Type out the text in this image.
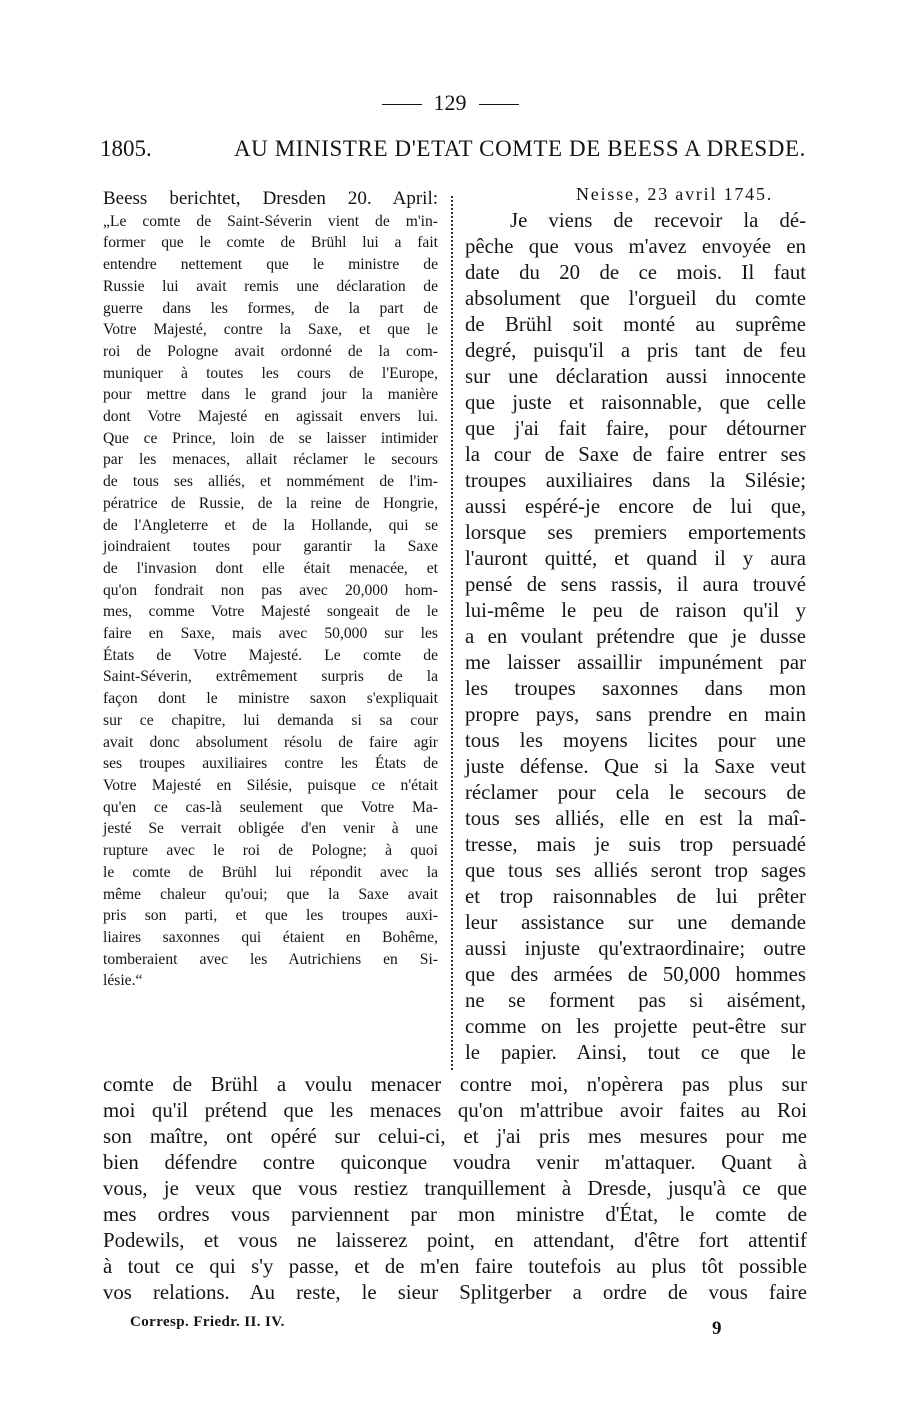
129
1805.	AU MINISTRE D'ETAT COMTE DE BEESS A DRESDE.
Beess berichtet, Dresden 20. April:
„Le comte de Saint-Séverin vient de m'in-
former que le comte de Brühl lui a fait
entendre nettement que le ministre de
Russie lui avait remis une déclaration de
guerre dans les formes, de la part de
Votre Majesté, contre la Saxe, et que le
roi de Pologne avait ordonné de la com-
muniquer à toutes les cours de l'Europe,
pour mettre dans le grand jour la manière
dont Votre Majesté en agissait envers lui.
Que ce Prince, loin de se laisser intimider
par les menaces, allait réclamer le secours
de tous ses alliés, et nommément de l'im-
pératrice de Russie, de la reine de Hongrie,
de l'Angleterre et de la Hollande, qui se
joindraient toutes pour garantir la Saxe
de l'invasion dont elle était menacée, et
qu'on fondrait non pas avec 20,000 hom-
mes, comme Votre Majesté songeait de le
faire en Saxe, mais avec 50,000 sur les
États de Votre Majesté. Le comte de
Saint-Séverin, extrêmement surpris de la
façon dont le ministre saxon s'expliquait
sur ce chapitre, lui demanda si sa cour
avait donc absolument résolu de faire agir
ses troupes auxiliaires contre les États de
Votre Majesté en Silésie, puisque ce n'était
qu'en ce cas-là seulement que Votre Ma-
jesté Se verrait obligée d'en venir à une
rupture avec le roi de Pologne; à quoi
le comte de Brühl lui répondit avec la
même chaleur qu'oui; que la Saxe avait
pris son parti, et que les troupes auxi-
liaires saxonnes qui étaient en Bohême,
tomberaient avec les Autrichiens en Si-
lésie.“
Neisse, 23 avril 1745.
Je viens de recevoir la dé-
pêche que vous m'avez envoyée en
date du 20 de ce mois. Il faut
absolument que l'orgueil du comte
de Brühl soit monté au suprême
degré, puisqu'il a pris tant de feu
sur une déclaration aussi innocente
que juste et raisonnable, que celle
que j'ai fait faire, pour détourner
la cour de Saxe de faire entrer ses
troupes auxiliaires dans la Silésie;
aussi espéré-je encore de lui que,
lorsque ses premiers emportements
l'auront quitté, et quand il y aura
pensé de sens rassis, il aura trouvé
lui-même le peu de raison qu'il y
a en voulant prétendre que je dusse
me laisser assaillir impunément par
les troupes saxonnes dans mon
propre pays, sans prendre en main
tous les moyens licites pour une
juste défense. Que si la Saxe veut
réclamer pour cela le secours de
tous ses alliés, elle en est la maî-
tresse, mais je suis trop persuadé
que tous ses alliés seront trop sages
et trop raisonnables de lui prêter
leur assistance sur une demande
aussi injuste qu'extraordinaire; outre
que des armées de 50,000 hommes
ne se forment pas si aisément,
comme on les projette peut-être sur
le papier. Ainsi, tout ce que le
comte de Brühl a voulu menacer contre moi, n'opèrera pas plus sur
moi qu'il prétend que les menaces qu'on m'attribue avoir faites au Roi
son maître, ont opéré sur celui-ci, et j'ai pris mes mesures pour me
bien défendre contre quiconque voudra venir m'attaquer. Quant à
vous, je veux que vous restiez tranquillement à Dresde, jusqu'à ce que
mes ordres vous parviennent par mon ministre d'État, le comte de
Podewils, et vous ne laisserez point, en attendant, d'être fort attentif
à tout ce qui s'y passe, et de m'en faire toutefois au plus tôt possible
vos relations. Au reste, le sieur Splitgerber a ordre de vous faire
Corresp. Friedr. II. IV.	9
